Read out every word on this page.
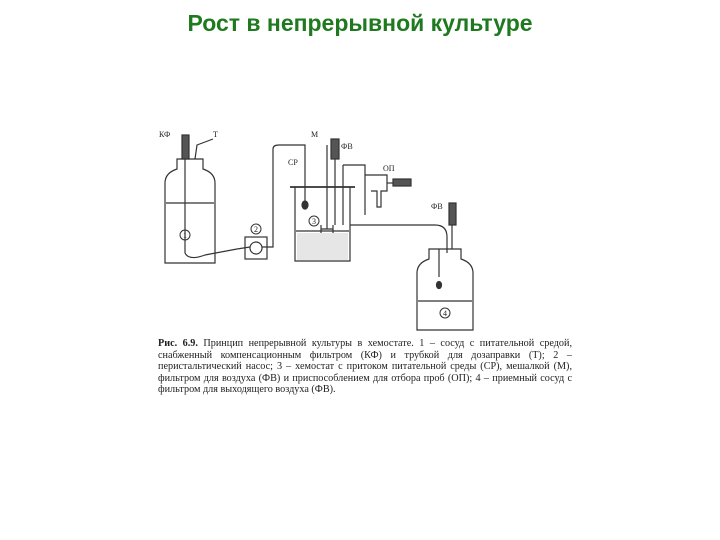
Рост в непрерывной культуре
КФ	Т	М
ФВ
СР
ОП
ФВ
1
2
3
4
Рис. 6.9. Принцип непрерывной культуры в хемостате. 1 – сосуд с питательной средой, снабженный компенсационным фильтром (КФ) и трубкой для дозаправки (Т); 2 – перистальтический насос; 3 – хемостат с притоком питательной среды (СР), мешалкой (М), фильтром для воздуха (ФВ) и приспособлением для отбора проб (ОП); 4 – приемный сосуд с фильтром для выходящего воздуха (ФВ).
